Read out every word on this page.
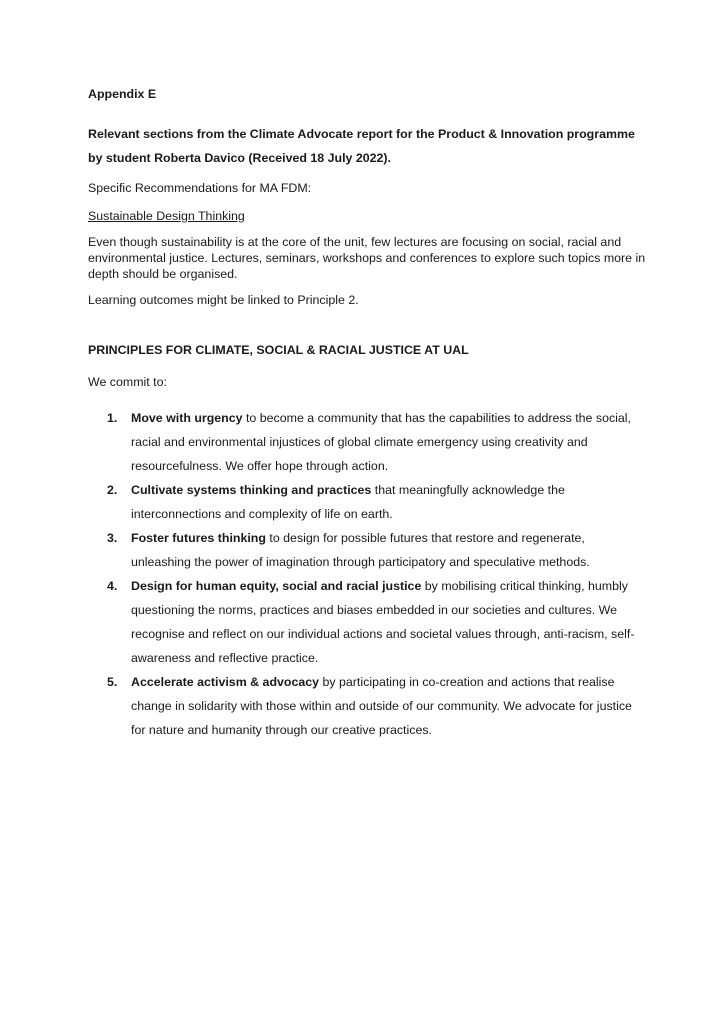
Appendix E

Relevant sections from the Climate Advocate report for the Product & Innovation programme by student Roberta Davico (Received 18 July 2022).

Specific Recommendations for MA FDM:

Sustainable Design Thinking

Even though sustainability is at the core of the unit, few lectures are focusing on social, racial and environmental justice. Lectures, seminars, workshops and conferences to explore such topics more in depth should be organised.

Learning outcomes might be linked to Principle 2.

PRINCIPLES FOR CLIMATE, SOCIAL & RACIAL JUSTICE AT UAL

We commit to:

1. Move with urgency to become a community that has the capabilities to address the social, racial and environmental injustices of global climate emergency using creativity and resourcefulness. We offer hope through action.
2. Cultivate systems thinking and practices that meaningfully acknowledge the interconnections and complexity of life on earth.
3. Foster futures thinking to design for possible futures that restore and regenerate, unleashing the power of imagination through participatory and speculative methods.
4. Design for human equity, social and racial justice by mobilising critical thinking, humbly questioning the norms, practices and biases embedded in our societies and cultures. We recognise and reflect on our individual actions and societal values through, anti-racism, self-awareness and reflective practice.
5. Accelerate activism & advocacy by participating in co-creation and actions that realise change in solidarity with those within and outside of our community. We advocate for justice for nature and humanity through our creative practices.
